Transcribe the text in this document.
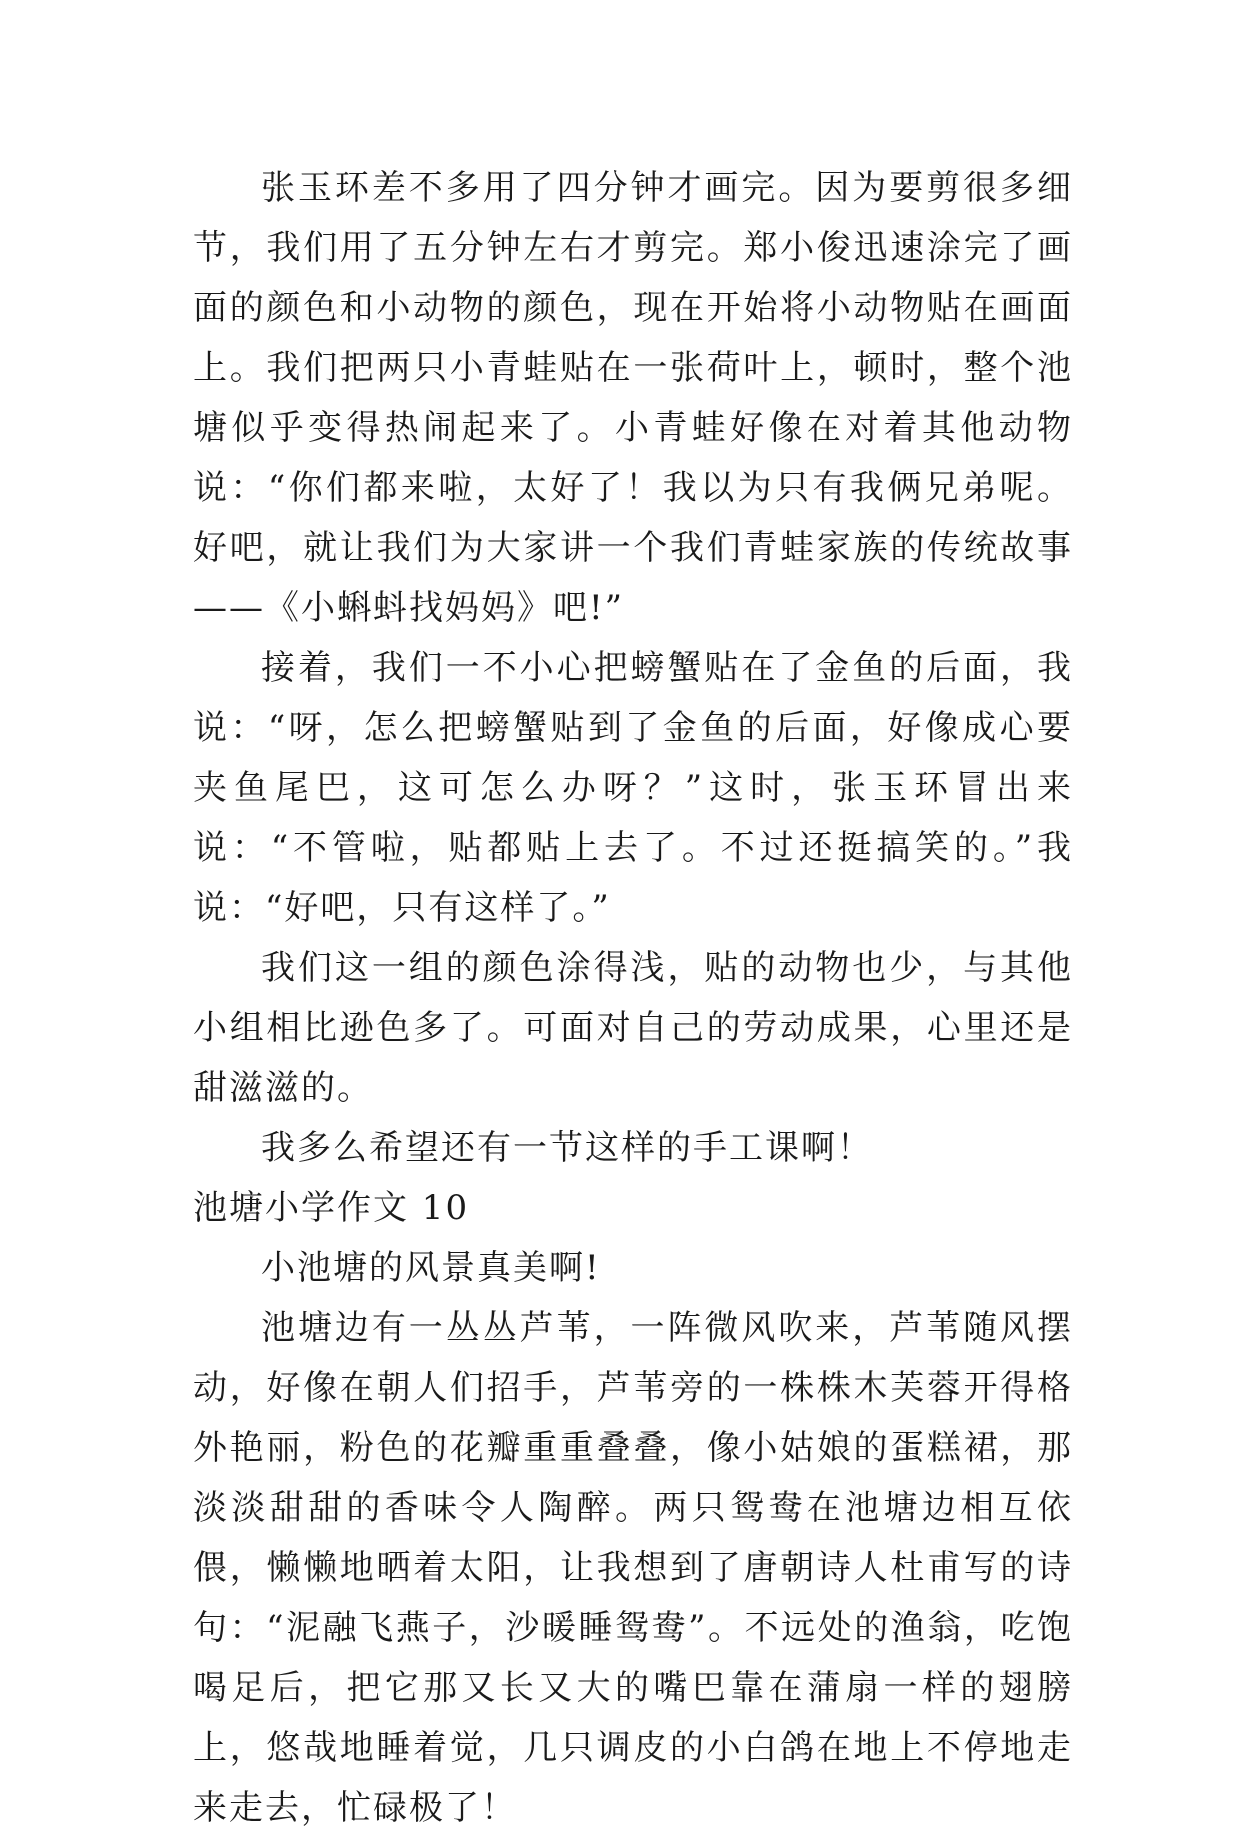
张玉环差不多用了四分钟才画完。因为要剪很多细节，我们用了五分钟左右才剪完。郑小俊迅速涂完了画面的颜色和小动物的颜色，现在开始将小动物贴在画面上。我们把两只小青蛙贴在一张荷叶上，顿时，整个池塘似乎变得热闹起来了。小青蛙好像在对着其他动物说：“你们都来啦，太好了！我以为只有我俩兄弟呢。好吧，就让我们为大家讲一个我们青蛙家族的传统故事——《小蝌蚪找妈妈》吧!”

接着，我们一不小心把螃蟹贴在了金鱼的后面，我说：“呀，怎么把螃蟹贴到了金鱼的后面，好像成心要夹鱼尾巴，这可怎么办呀？”这时，张玉环冒出来说：“不管啦，贴都贴上去了。不过还挺搞笑的。”我说：“好吧，只有这样了。”

我们这一组的颜色涂得浅，贴的动物也少，与其他小组相比逊色多了。可面对自己的劳动成果，心里还是甜滋滋的。

我多么希望还有一节这样的手工课啊！

池塘小学作文 10

小池塘的风景真美啊!

池塘边有一丛丛芦苇，一阵微风吹来，芦苇随风摆动，好像在朝人们招手，芦苇旁的一株株木芙蓉开得格外艳丽，粉色的花瓣重重叠叠，像小姑娘的蛋糕裙，那淡淡甜甜的香味令人陶醉。两只鸳鸯在池塘边相互依偎，懒懒地晒着太阳，让我想到了唐朝诗人杜甫写的诗句：“泥融飞燕子，沙暖睡鸳鸯”。不远处的渔翁，吃饱喝足后，把它那又长又大的嘴巴靠在蒲扇一样的翅膀上，悠哉地睡着觉，几只调皮的小白鸽在地上不停地走来走去，忙碌极了！
